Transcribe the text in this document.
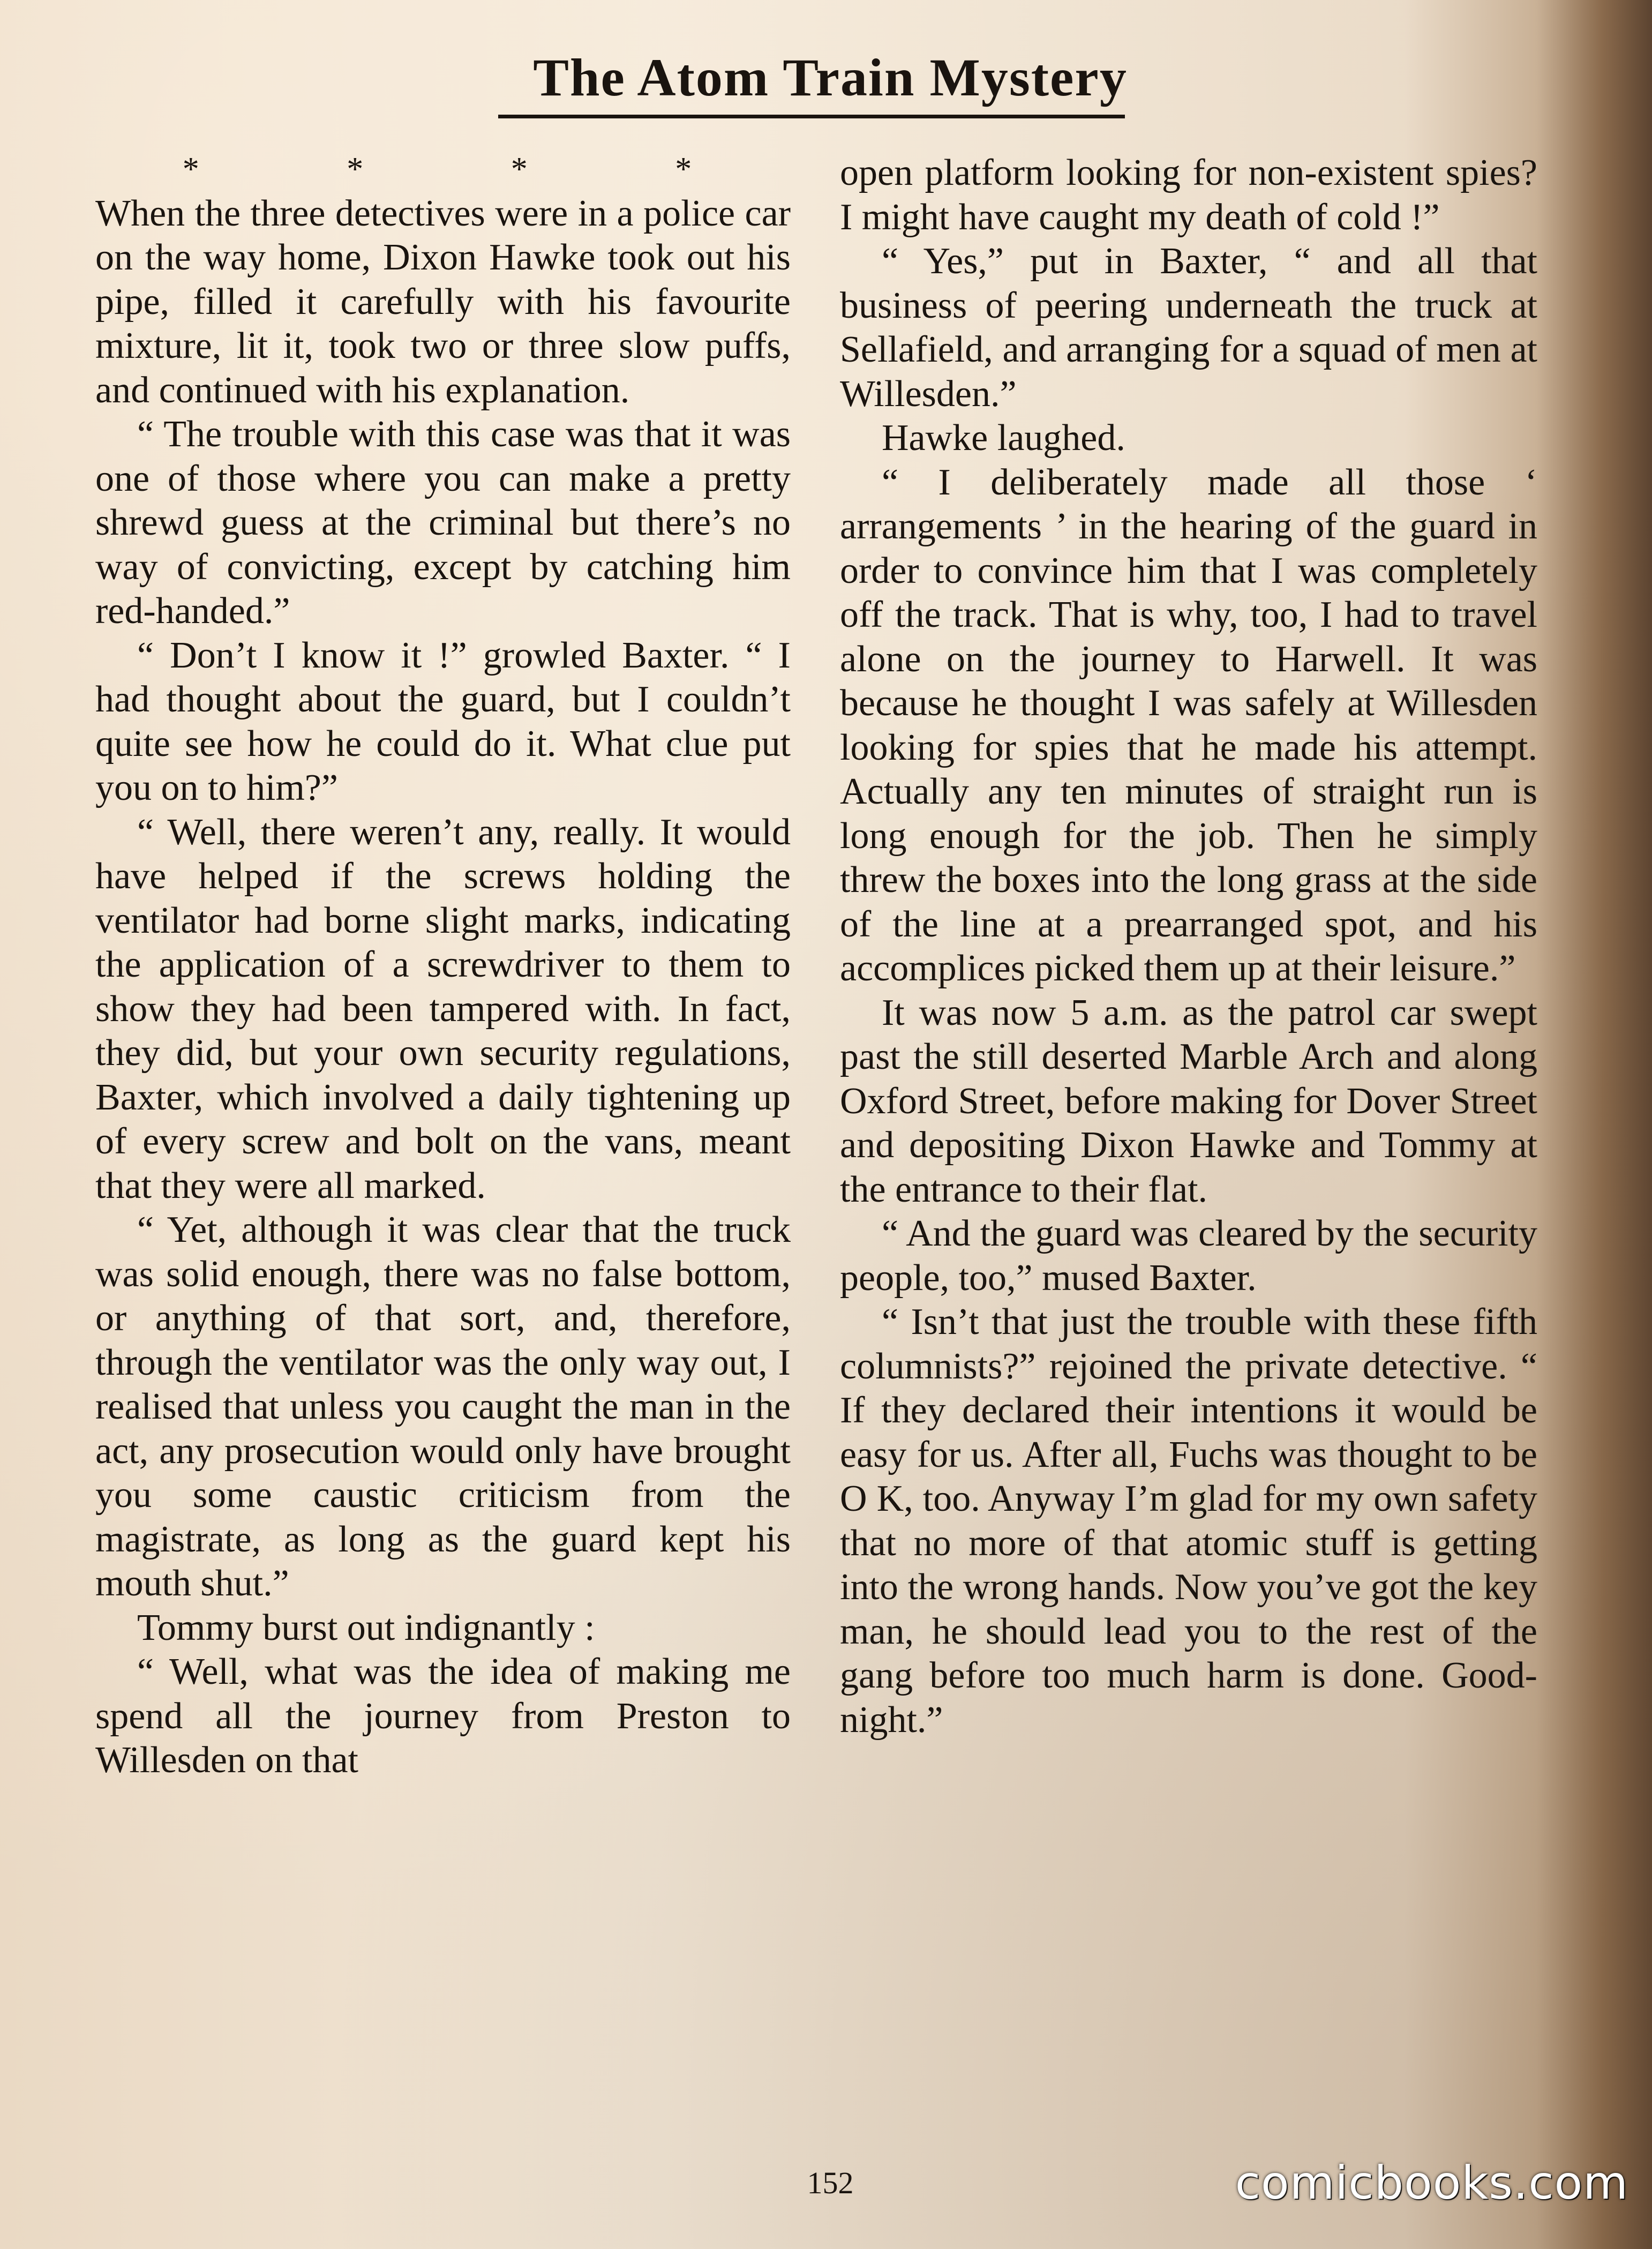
The Atom Train Mystery

* * * *

When the three detectives were in a police car on the way home, Dixon Hawke took out his pipe, filled it carefully with his favourite mixture, lit it, took two or three slow puffs, and continued with his explanation.

“ The trouble with this case was that it was one of those where you can make a pretty shrewd guess at the criminal but there’s no way of convicting, except by catching him red-handed.”

“ Don’t I know it !” growled Baxter. “ I had thought about the guard, but I couldn’t quite see how he could do it. What clue put you on to him?”

“ Well, there weren’t any, really. It would have helped if the screws holding the ventilator had borne slight marks, indicating the application of a screwdriver to them to show they had been tampered with. In fact, they did, but your own security regulations, Baxter, which involved a daily tightening up of every screw and bolt on the vans, meant that they were all marked.

“ Yet, although it was clear that the truck was solid enough, there was no false bottom, or anything of that sort, and, therefore, through the ventilator was the only way out, I realised that unless you caught the man in the act, any prosecution would only have brought you some caustic criticism from the magistrate, as long as the guard kept his mouth shut.”

Tommy burst out indignantly :

“ Well, what was the idea of making me spend all the journey from Preston to Willesden on that

open platform looking for non-existent spies? I might have caught my death of cold !”

“ Yes,” put in Baxter, “ and all that business of peering underneath the truck at Sellafield, and arranging for a squad of men at Willesden.”

Hawke laughed.

“ I deliberately made all those ‘ arrangements ’ in the hearing of the guard in order to convince him that I was completely off the track. That is why, too, I had to travel alone on the journey to Harwell. It was because he thought I was safely at Willesden looking for spies that he made his attempt. Actually any ten minutes of straight run is long enough for the job. Then he simply threw the boxes into the long grass at the side of the line at a prearranged spot, and his accomplices picked them up at their leisure.”

It was now 5 a.m. as the patrol car swept past the still deserted Marble Arch and along Oxford Street, before making for Dover Street and depositing Dixon Hawke and Tommy at the entrance to their flat.

“ And the guard was cleared by the security people, too,” mused Baxter.

“ Isn’t that just the trouble with these fifth columnists?” rejoined the private detective. “ If they declared their intentions it would be easy for us. After all, Fuchs was thought to be O K, too. Anyway I’m glad for my own safety that no more of that atomic stuff is getting into the wrong hands. Now you’ve got the key man, he should lead you to the rest of the gang before too much harm is done. Good-night.”

152	comicbooks.com
